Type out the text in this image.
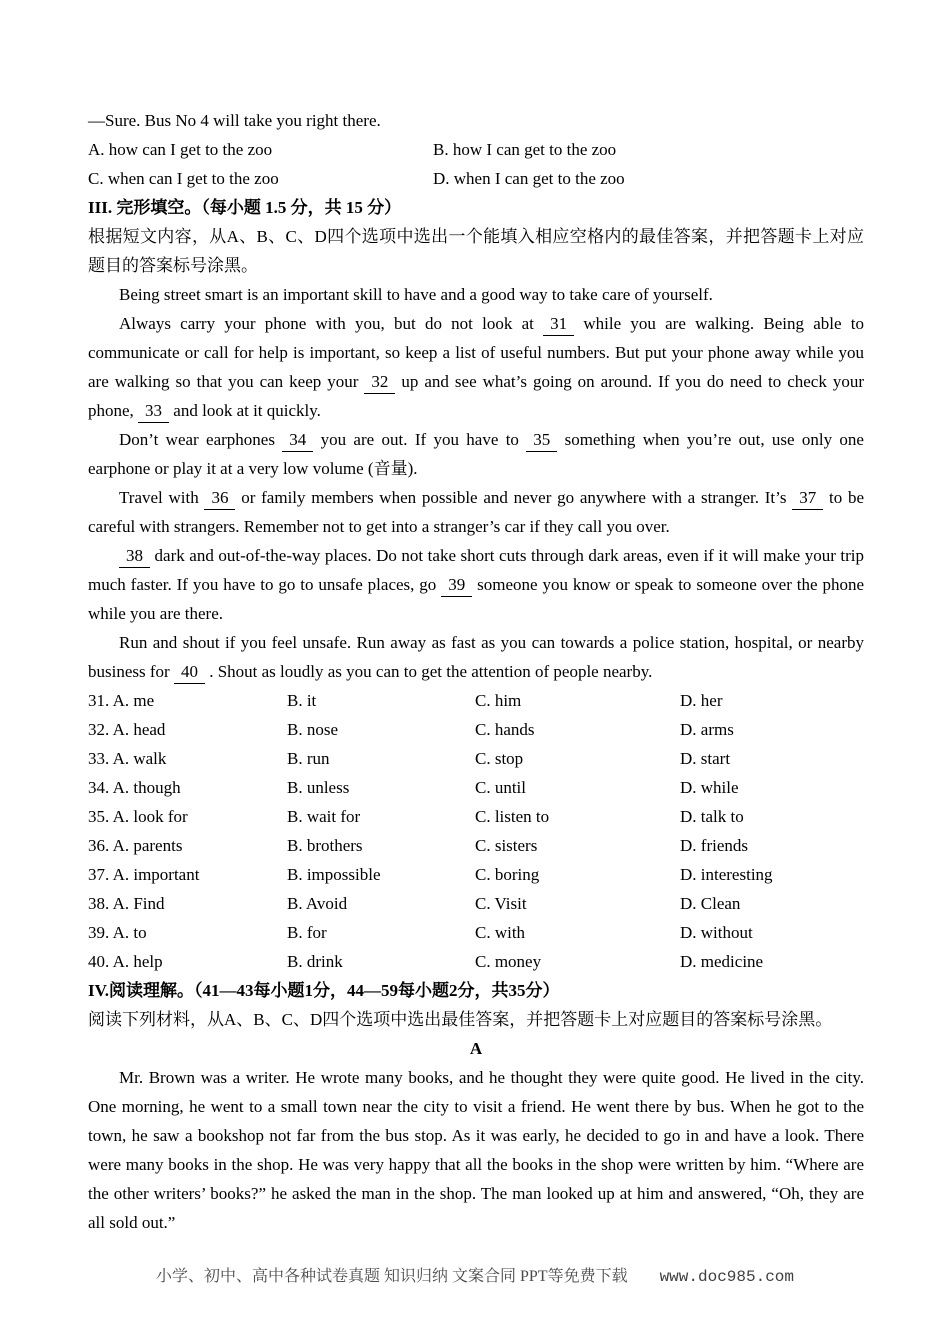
—Sure. Bus No 4 will take you right there.

A. how can I get to the zoo	B. how I can get to the zoo
C. when can I get to the zoo	D. when I can get to the zoo
III. 完形填空。（每小题 1.5 分，共 15 分）

根据短文内容，从A、B、C、D四个选项中选出一个能填入相应空格内的最佳答案，并把答题卡上对应题目的答案标号涂黑。

Being street smart is an important skill to have and a good way to take care of yourself.

Always carry your phone with you, but do not look at 31 while you are walking. Being able to communicate or call for help is important, so keep a list of useful numbers. But put your phone away while you are walking so that you can keep your 32 up and see what’s going on around. If you do need to check your phone, 33 and look at it quickly.

Don’t wear earphones 34 you are out. If you have to 35 something when you’re out, use only one earphone or play it at a very low volume (音量).

Travel with 36 or family members when possible and never go anywhere with a stranger. It’s 37 to be careful with strangers. Remember not to get into a stranger’s car if they call you over.

38 dark and out-of-the-way places. Do not take short cuts through dark areas, even if it will make your trip much faster. If you have to go to unsafe places, go 39 someone you know or speak to someone over the phone while you are there.

Run and shout if you feel unsafe. Run away as fast as you can towards a police station, hospital, or nearby business for 40 . Shout as loudly as you can to get the attention of people nearby.

31. A. me	B. it	C. him	D. her
32. A. head	B. nose	C. hands	D. arms
33. A. walk	B. run	C. stop	D. start
34. A. though	B. unless	C. until	D. while
35. A. look for	B. wait for	C. listen to	D. talk to
36. A. parents	B. brothers	C. sisters	D. friends
37. A. important	B. impossible	C. boring	D. interesting
38. A. Find	B. Avoid	C. Visit	D. Clean
39. A. to	B. for	C. with	D. without
40. A. help	B. drink	C. money	D. medicine
IV.阅读理解。（41—43每小题1分，44—59每小题2分，共35分）

阅读下列材料，从A、B、C、D四个选项中选出最佳答案，并把答题卡上对应题目的答案标号涂黑。

A

Mr. Brown was a writer. He wrote many books, and he thought they were quite good. He lived in the city. One morning, he went to a small town near the city to visit a friend. He went there by bus. When he got to the town, he saw a bookshop not far from the bus stop. As it was early, he decided to go in and have a look. There were many books in the shop. He was very happy that all the books in the shop were written by him. “Where are the other writers’ books?” he asked the man in the shop. The man looked up at him and answered, “Oh, they are all sold out.”

小学、初中、高中各种试卷真题 知识归纳 文案合同 PPT等免费下载 www.doc985.com
